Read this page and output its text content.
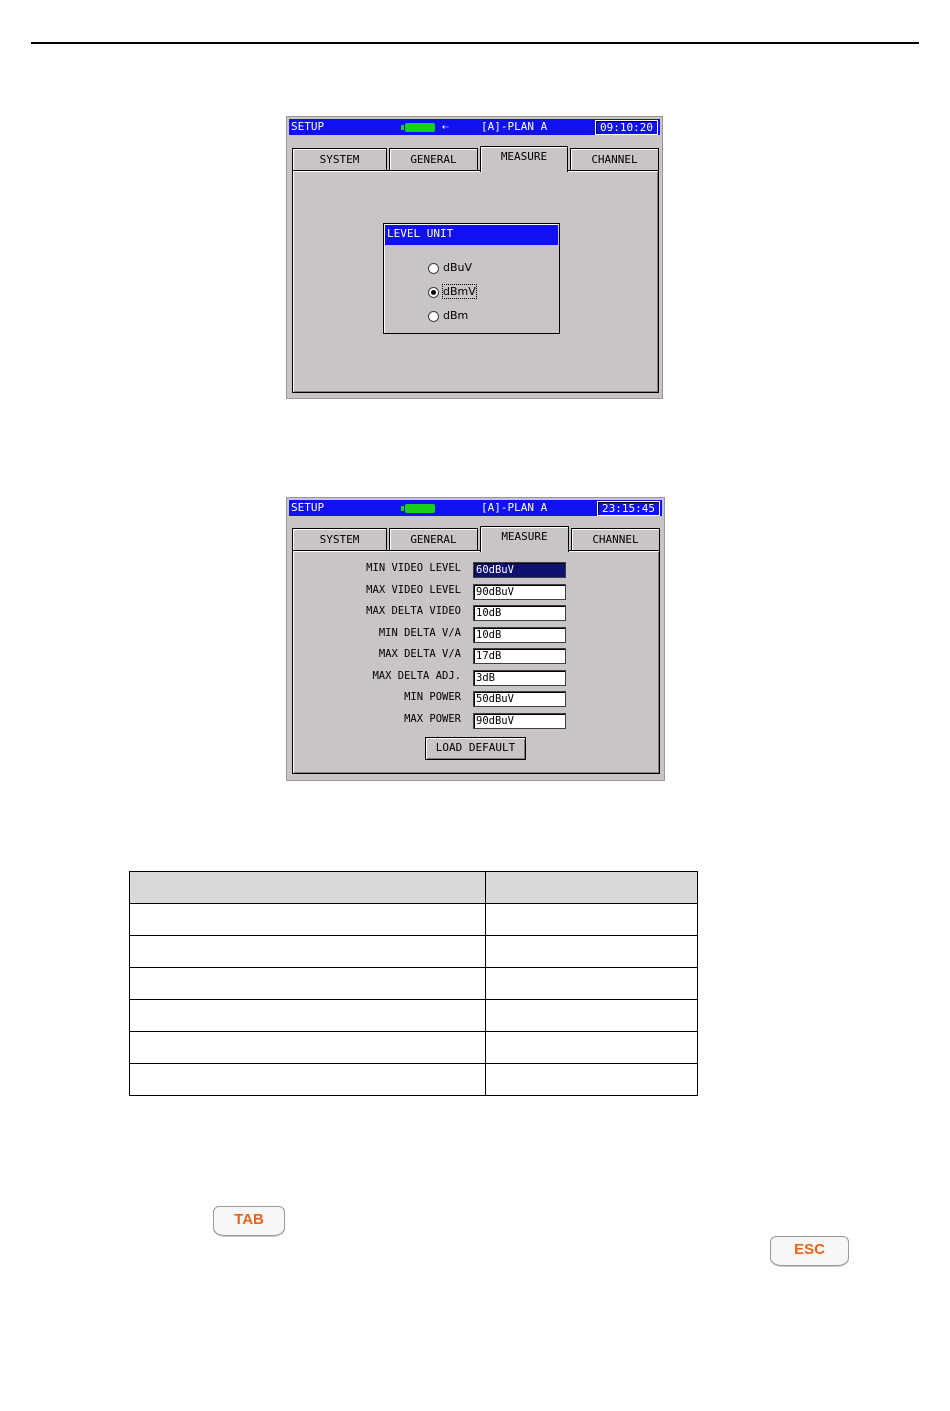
SETUP	⇠	[A]-PLAN A	09:10:20
SYSTEM	GENERAL	MEASURE	CHANNEL
LEVEL UNIT
dBuV
dBmV
dBm
SETUP	[A]-PLAN A	23:15:45
SYSTEM	GENERAL	MEASURE	CHANNEL
MIN VIDEO LEVEL 60dBuV
MAX VIDEO LEVEL 90dBuV
MAX DELTA VIDEO 10dB
MIN DELTA V/A 10dB
MAX DELTA V/A 17dB
MAX DELTA ADJ. 3dB
MIN POWER 50dBuV
MAX POWER 90dBuV
LOAD DEFAULT

TAB
ESC
